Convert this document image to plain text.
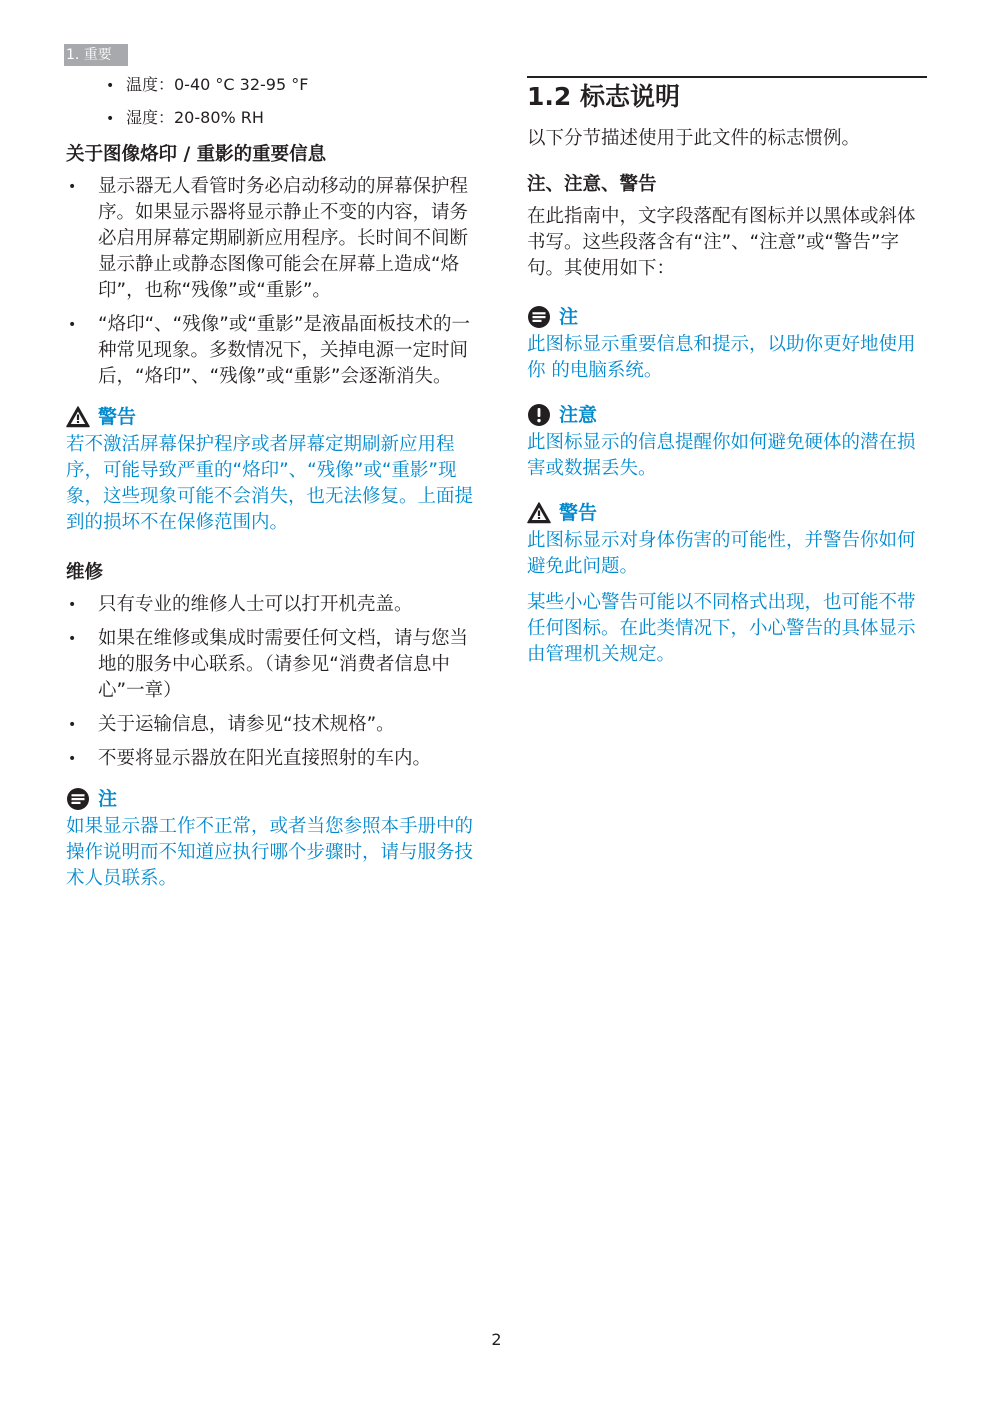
1. 重要
• 温度：0-40 °C 32-95 °F
• 湿度：20-80% RH
关于图像烙印 / 重影的重要信息
• 显示器无人看管时务必启动移动的屏幕保护程序。如果显示器将显示静止不变的内容，请务必启用屏幕定期刷新应用程序。长时间不间断显示静止或静态图像可能会在屏幕上造成“烙印”，也称“残像”或“重影”。
• “烙印“、“残像”或“重影”是液晶面板技术的一种常见现象。多数情况下，关掉电源一定时间后，“烙印”、“残像”或“重影”会逐渐消失。
警告

若不激活屏幕保护程序或者屏幕定期刷新应用程序，可能导致严重的“烙印”、“残像”或“重影”现象，这些现象可能不会消失，也无法修复。上面提到的损坏不在保修范围内。

维修
• 只有专业的维修人士可以打开机壳盖。
• 如果在维修或集成时需要任何文档，请与您当地的服务中心联系。（请参见“消费者信息中心”一章）
• 关于运输信息，请参见“技术规格”。
• 不要将显示器放在阳光直接照射的车内。
注

如果显示器工作不正常，或者当您参照本手册中的操作说明而不知道应执行哪个步骤时，请与服务技术人员联系。

1.2 标志说明

以下分节描述使用于此文件的标志惯例。

注、注意、警告

在此指南中，文字段落配有图标并以黑体或斜体书写。这些段落含有“注”、“注意”或“警告”字句。其使用如下：

注

此图标显示重要信息和提示，以助你更好地使用你 的电脑系统。

注意

此图标显示的信息提醒你如何避免硬体的潜在损害或数据丢失。

警告

此图标显示对身体伤害的可能性，并警告你如何避免此问题。

某些小心警告可能以不同格式出现，也可能不带任何图标。在此类情况下，小心警告的具体显示由管理机关规定。

2
